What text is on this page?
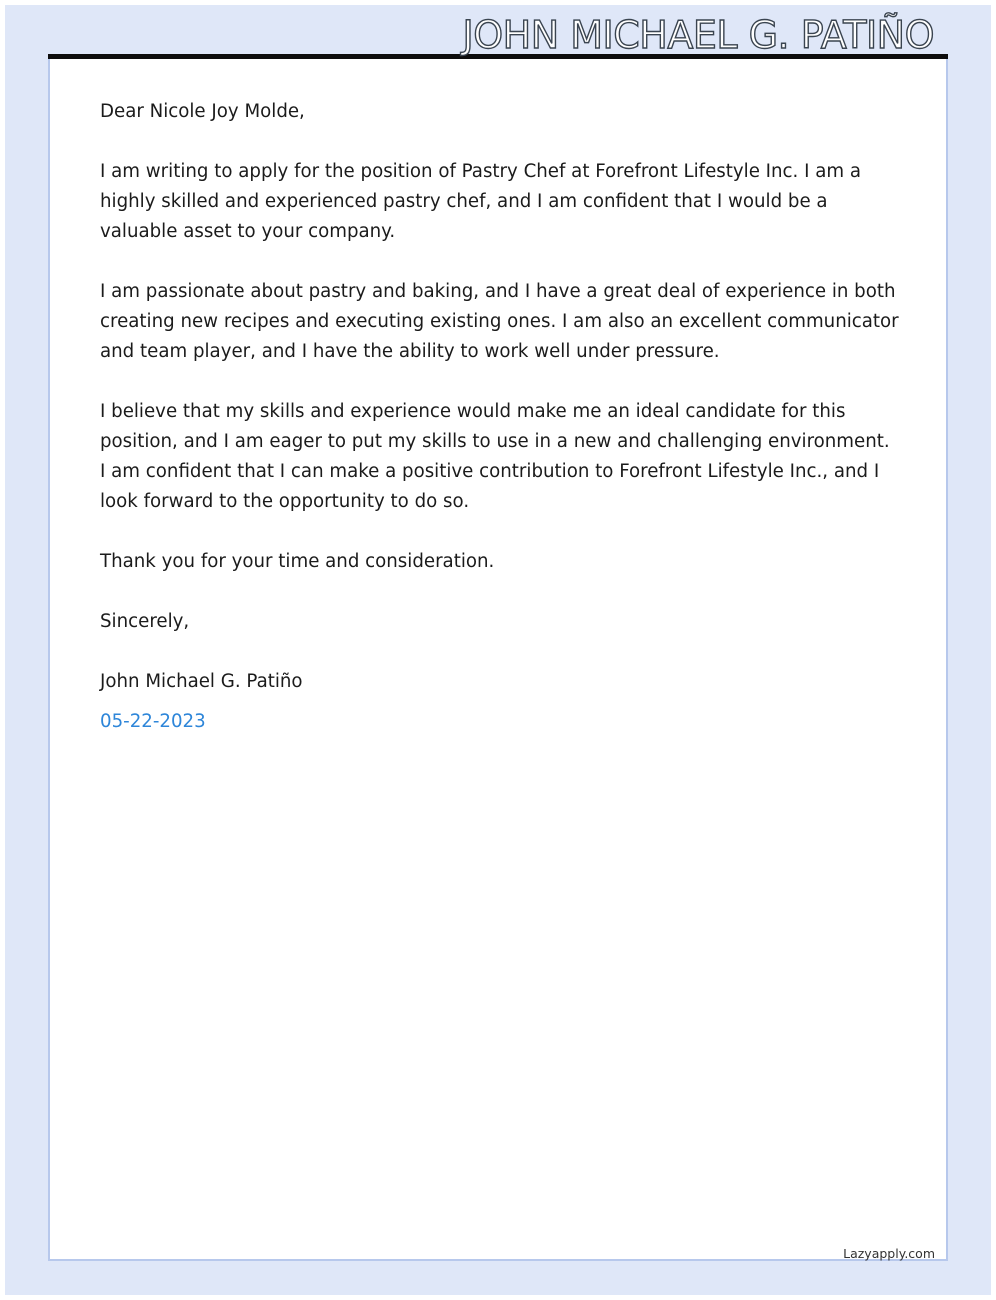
JOHN MICHAEL G. PATIÑO

Dear Nicole Joy Molde,

I am writing to apply for the position of Pastry Chef at Forefront Lifestyle Inc. I am a highly skilled and experienced pastry chef, and I am confident that I would be a valuable asset to your company.

I am passionate about pastry and baking, and I have a great deal of experience in both creating new recipes and executing existing ones. I am also an excellent communicator and team player, and I have the ability to work well under pressure.

I believe that my skills and experience would make me an ideal candidate for this position, and I am eager to put my skills to use in a new and challenging environment. I am confident that I can make a positive contribution to Forefront Lifestyle Inc., and I look forward to the opportunity to do so.

Thank you for your time and consideration.

Sincerely,

John Michael G. Patiño

05-22-2023
Lazyapply.com
